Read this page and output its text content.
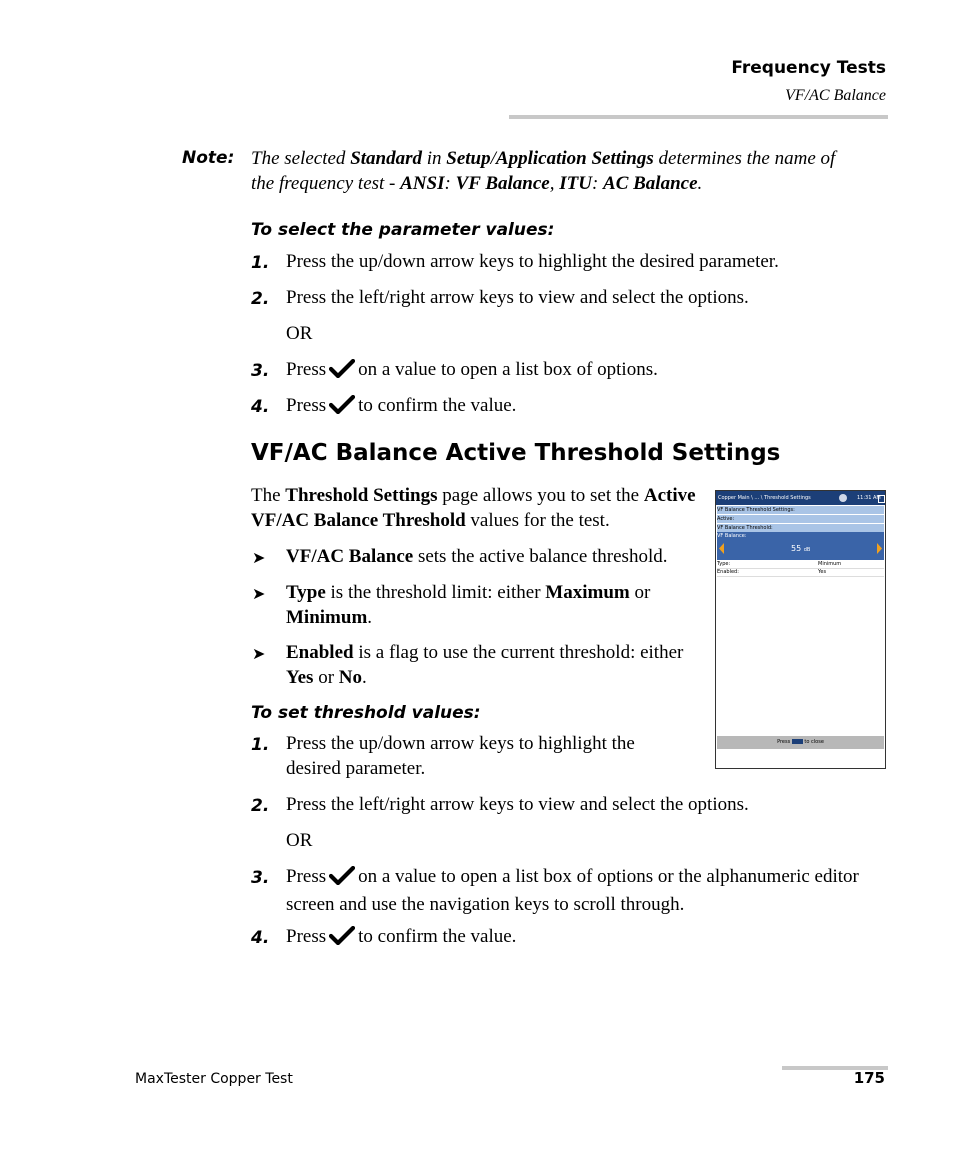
Frequency Tests
VF/AC Balance
Note: The selected Standard in Setup/Application Settings determines the name of the frequency test - ANSI: VF Balance, ITU: AC Balance.
To select the parameter values:
1. Press the up/down arrow keys to highlight the desired parameter.
2. Press the left/right arrow keys to view and select the options.
OR
3. Press on a value to open a list box of options.
4. Press to confirm the value.
VF/AC Balance Active Threshold Settings
The Threshold Settings page allows you to set the Active VF/AC Balance Threshold values for the test.
➤ VF/AC Balance sets the active balance threshold.
➤ Type is the threshold limit: either Maximum or Minimum.
➤ Enabled is a flag to use the current threshold: either Yes or No.
Copper Main \ ... \ Threshold Settings	11:31 AM
VF Balance Threshold Settings:
Active:
VF Balance Threshold:
VF Balance:
55 dB
Type:	Minimum
Enabled:	Yes
Press	to close
To set threshold values:
1. Press the up/down arrow keys to highlight the desired parameter.
2. Press the left/right arrow keys to view and select the options.
OR
3. Press on a value to open a list box of options or the alphanumeric editor screen and use the navigation keys to scroll through.
4. Press to confirm the value.
MaxTester Copper Test	175
